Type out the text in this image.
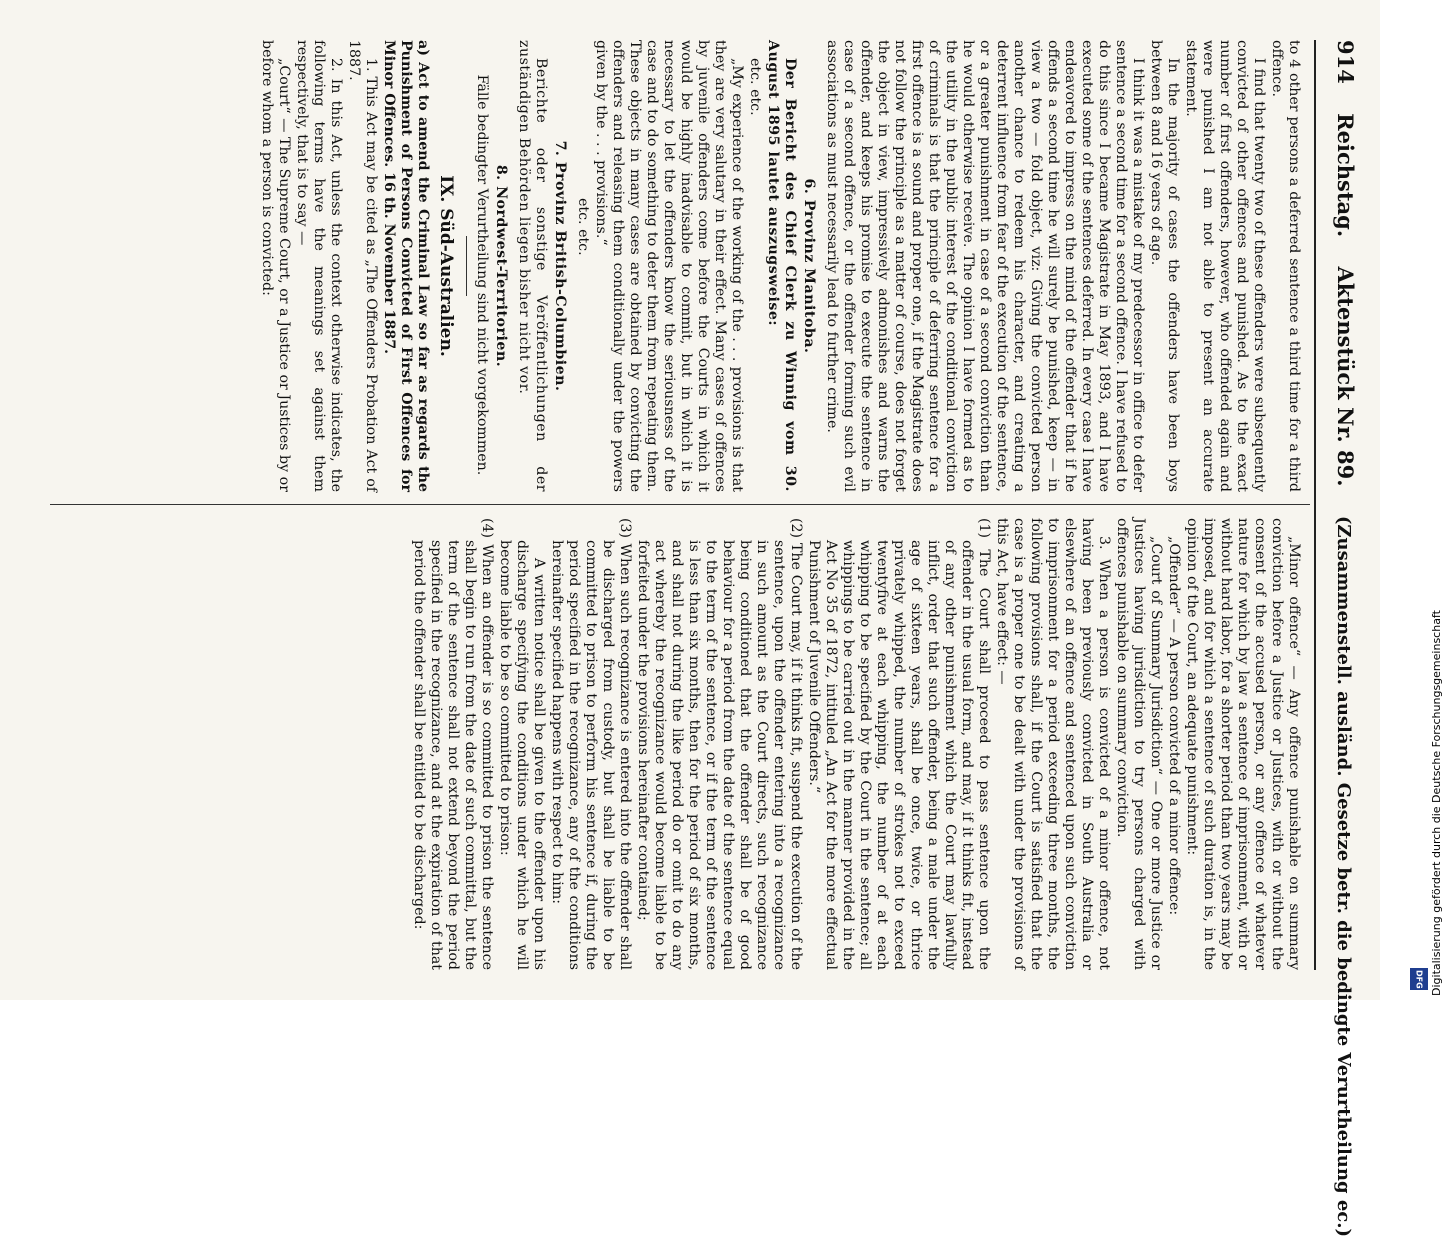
914 Reichstag. Aktenstück Nr. 89. (Zusammenstell. ausländ. Gesetze betr. die bedingte Verurtheilung ec.)

to 4 other persons a deferred sentence a third time for a third offence.

I find that twenty two of these offenders were subsequently convicted of other offences and punished. As to the exact number of first offenders, however, who offended again and were punished I am not able to present an accurate statement.

In the majority of cases the offenders have been boys between 8 and 16 years of age.

I think it was a mistake of my predecessor in office to defer sentence a second time for a second offence. I have refused to do this since I became Magistrate in May 1893, and I have executed some of the sentences deferred. In every case I have endeavored to impress on the mind of the offender that if he offends a second time he will surely be punished, keep — in view a two — fold object, viz: Giving the convicted person another chance to redeem his character, and creating a deterrent influence from fear of the execution of the sentence, or a greater punishment in case of a second conviction than he would otherwise receive. The opinion I have formed as to the utility in the public interest of the conditional conviction of criminals is that the principle of deferring sentence for a first offence is a sound and proper one, if the Magistrate does not follow the principle as a matter of course, does not forget the object in view, impressively admonishes and warns the offender, and keeps his promise to execute the sentence in case of a second offence, or the offender forming such evil associations as must necessarily lead to further crime.

6. Provinz Manitoba.

Der Bericht des Chief Clerk zu Winnig vom 30. August 1895 lautet auszugsweise:

etc. etc.

„My experience of the working of the . . . provisions is that they are very salutary in their effect. Many cases of offences by juvenile offenders come before the Courts in which it would be highly inadvisable to commit, but in which it is necessary to let the offenders know the seriousness of the case and to do something to deter them from repeating them. These objects in many cases are obtained by convicting the offenders and releasing them conditionally under the powers given by the . . . provisions.“

etc. etc.

7. Provinz British-Columbien.

Berichte oder sonstige Veröffentlichungen der zuständigen Behörden liegen bisher nicht vor.

8. Nordwest-Territorien.

Fälle bedingter Verurtheilung sind nicht vorgekommen.

IX. Süd-Australien.

a) Act to amend the Criminal Law so far as regards the Punishment of Persons Convicted of First Offences for Minor Offences. 16 th. November 1887.

1. This Act may be cited as „The Offenders Probation Act of 1887.

2. In this Act, unless the context otherwise indicates, the following terms have the meanings set against them respectively, that is to say —

„Court“ — The Supreme Court, or a Justice or Justices by or before whom a person is convicted:

„Minor offence“ — Any offence punishable on summary conviction before a Justice or Justices, with or without the consent of the accused person, or any offence of whatever nature for which by law a sentence of imprisonment, with or without hard labor, for a shorter period than two years may be imposed, and for which a sentence of such duration is, in the opinion of the Court, an adequate punishment:

„Offender“ — A person convicted of a minor offence:

„Court of Summary Jurisdiction“ — One or more Justice or Justices having jurisdiction to try persons charged with offences punishable on summary conviction.

3. When a person is convicted of a minor offence, not having been previously convicted in South Australia or elsewhere of an offence and sentenced upon such conviction to imprisonment for a period exceeding three months, the following provisions shall, if the Court is satisfied that the case is a proper one to be dealt with under the provisions of this Act, have effect: —

(1) The Court shall proceed to pass sentence upon the offender in the usual form, and may, if it thinks fit, instead of any other punishment which the Court may lawfully inflict, order that such offender, being a male under the age of sixteen years, shall be once, twice, or thrice privately whipped, the number of strokes not to exceed twentyfive at each whipping, the number of at each whipping to be specified by the Court in the sentence; all whippings to be carried out in the manner provided in the Act No 35 of 1872, intituled „An Act for the more effectual Punishment of Juvenile Offenders.“

(2) The Court may, if it thinks fit, suspend the execution of the sentence, upon the offender entering into a recognizance in such amount as the Court directs, such recognizance being conditioned that the offender shall be of good behaviour for a period from the date of the sentence equal to the term of the sentence, or if the term of the sentence is less than six months, then for the period of six months, and shall not during the like period do or omit to do any act whereby the recognizance would become liable to be forfeited under the provisions hereinafter contained;

(3) When such recognizance is entered into the offender shall be discharged from custody, but shall be liable to be committed to prison to perform his sentence if, during the period specified in the recognizance, any of the conditions hereinafter specified happens with respect to him:

A written notice shall be given to the offender upon his discharge specifying the conditions under which he will become liable to be so committed to prison:

(4) When an offender is so committed to prison the sentence shall begin to run from the date of such committal, but the term of the sentence shall not extend beyond the period specified in the recognizance, and at the expiration of that period the offender shall be entitled to be discharged:	Digitalisierung gefördert durch die Deutsche Forschungsgemeinschaft
DFG
